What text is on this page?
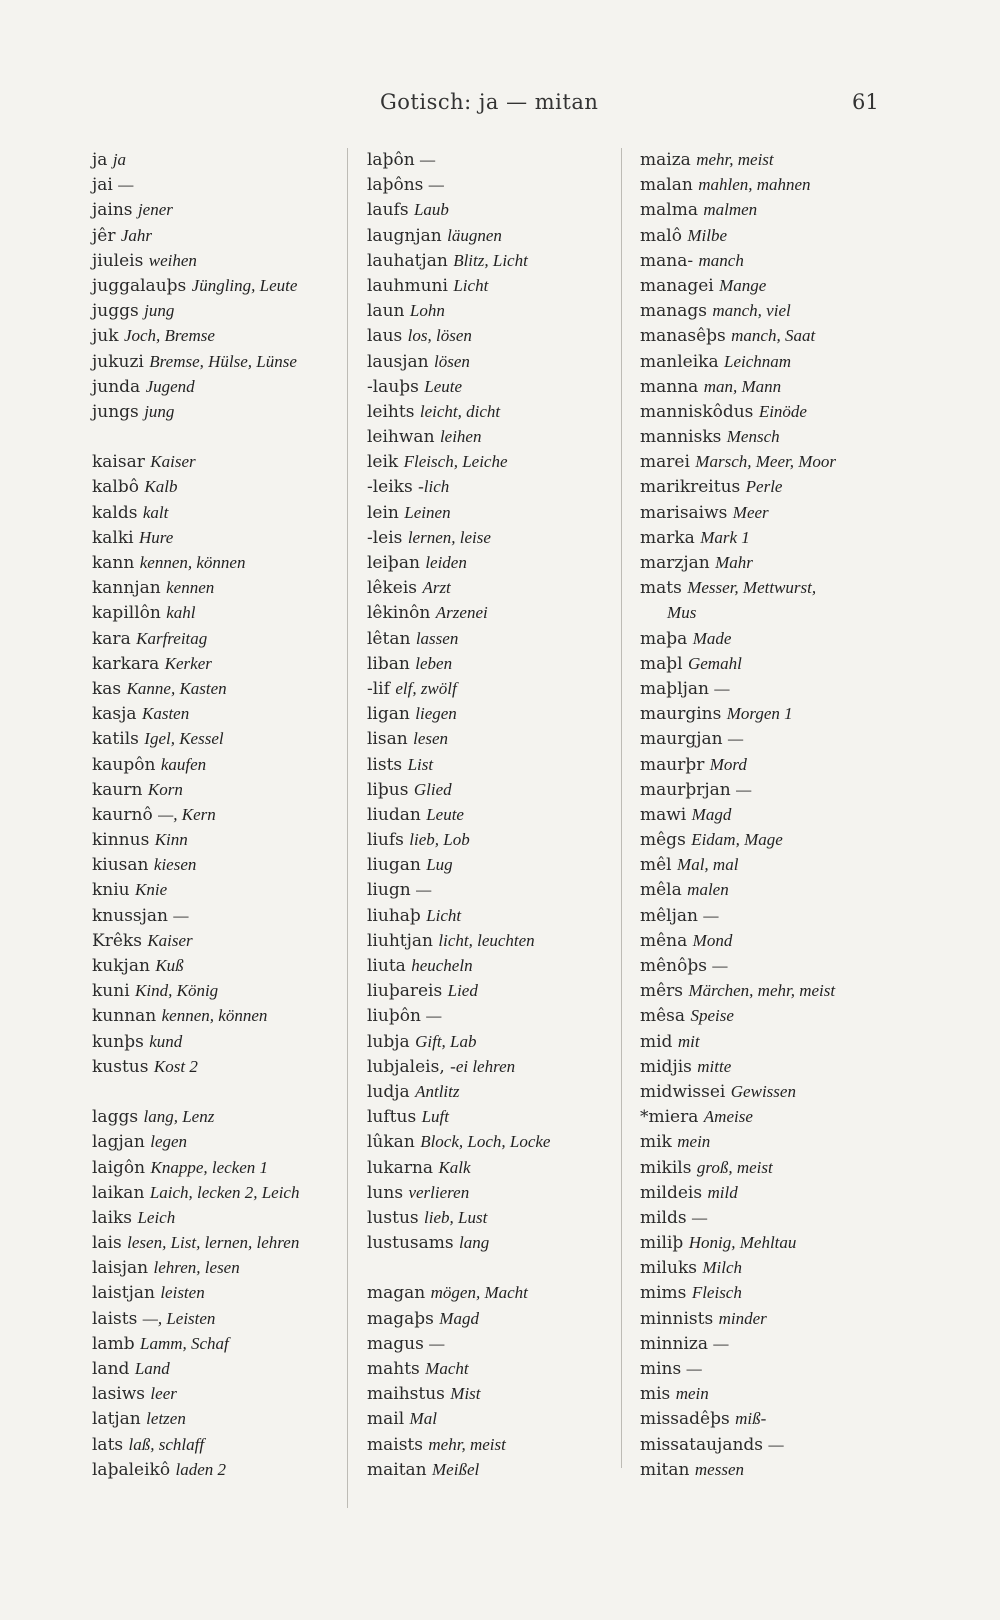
Gotisch: ja — mitan	61
ja ja
jai —
jains jener
jêr Jahr
jiuleis weihen
juggalauþs Jüngling, Leute
juggs jung
juk Joch, Bremse
jukuzi Bremse, Hülse, Lünse
junda Jugend
jungs jung

kaisar Kaiser
kalbô Kalb
kalds kalt
kalki Hure
kann kennen, können
kannjan kennen
kapillôn kahl
kara Karfreitag
karkara Kerker
kas Kanne, Kasten
kasja Kasten
katils Igel, Kessel
kaupôn kaufen
kaurn Korn
kaurnô —, Kern
kinnus Kinn
kiusan kiesen
kniu Knie
knussjan —
Krêks Kaiser
kukjan Kuß
kuni Kind, König
kunnan kennen, können
kunþs kund
kustus Kost 2

laggs lang, Lenz
lagjan legen
laigôn Knappe, lecken 1
laikan Laich, lecken 2, Leich
laiks Leich
lais lesen, List, lernen, lehren
laisjan lehren, lesen
laistjan leisten
laists —, Leisten
lamb Lamm, Schaf
land Land
lasiws leer
latjan letzen
lats laß, schlaff
laþaleikô laden 2
laþôn —
laþôns —
laufs Laub
laugnjan läugnen
lauhatjan Blitz, Licht
lauhmuni Licht
laun Lohn
laus los, lösen
lausjan lösen
-lauþs Leute
leihts leicht, dicht
leihwan leihen
leik Fleisch, Leiche
-leiks -lich
lein Leinen
-leis lernen, leise
leiþan leiden
lêkeis Arzt
lêkinôn Arzenei
lêtan lassen
liban leben
-lif elf, zwölf
ligan liegen
lisan lesen
lists List
liþus Glied
liudan Leute
liufs lieb, Lob
liugan Lug
liugn —
liuhaþ Licht
liuhtjan licht, leuchten
liuta heucheln
liuþareis Lied
liuþôn —
lubja Gift, Lab
lubjaleis, -ei lehren
ludja Antlitz
luftus Luft
lûkan Block, Loch, Locke
lukarna Kalk
luns verlieren
lustus lieb, Lust
lustusams lang

magan mögen, Macht
magaþs Magd
magus —
mahts Macht
maihstus Mist
mail Mal
maists mehr, meist
maitan Meißel
maiza mehr, meist
malan mahlen, mahnen
malma malmen
malô Milbe
mana- manch
managei Mange
manags manch, viel
manasêþs manch, Saat
manleika Leichnam
manna man, Mann
manniskôdus Einöde
mannisks Mensch
marei Marsch, Meer, Moor
marikreitus Perle
marisaiws Meer
marka Mark 1
marzjan Mahr
mats Messer, Mettwurst,
Mus
maþa Made
maþl Gemahl
maþljan —
maurgins Morgen 1
maurgjan —
maurþr Mord
maurþrjan —
mawi Magd
mêgs Eidam, Mage
mêl Mal, mal
mêla malen
mêljan —
mêna Mond
mênôþs —
mêrs Märchen, mehr, meist
mêsa Speise
mid mit
midjis mitte
midwissei Gewissen
*miera Ameise
mik mein
mikils groß, meist
mildeis mild
milds —
miliþ Honig, Mehltau
miluks Milch
mims Fleisch
minnists minder
minniza —
mins —
mis mein
missadêþs miß-
missataujands —
mitan messen
